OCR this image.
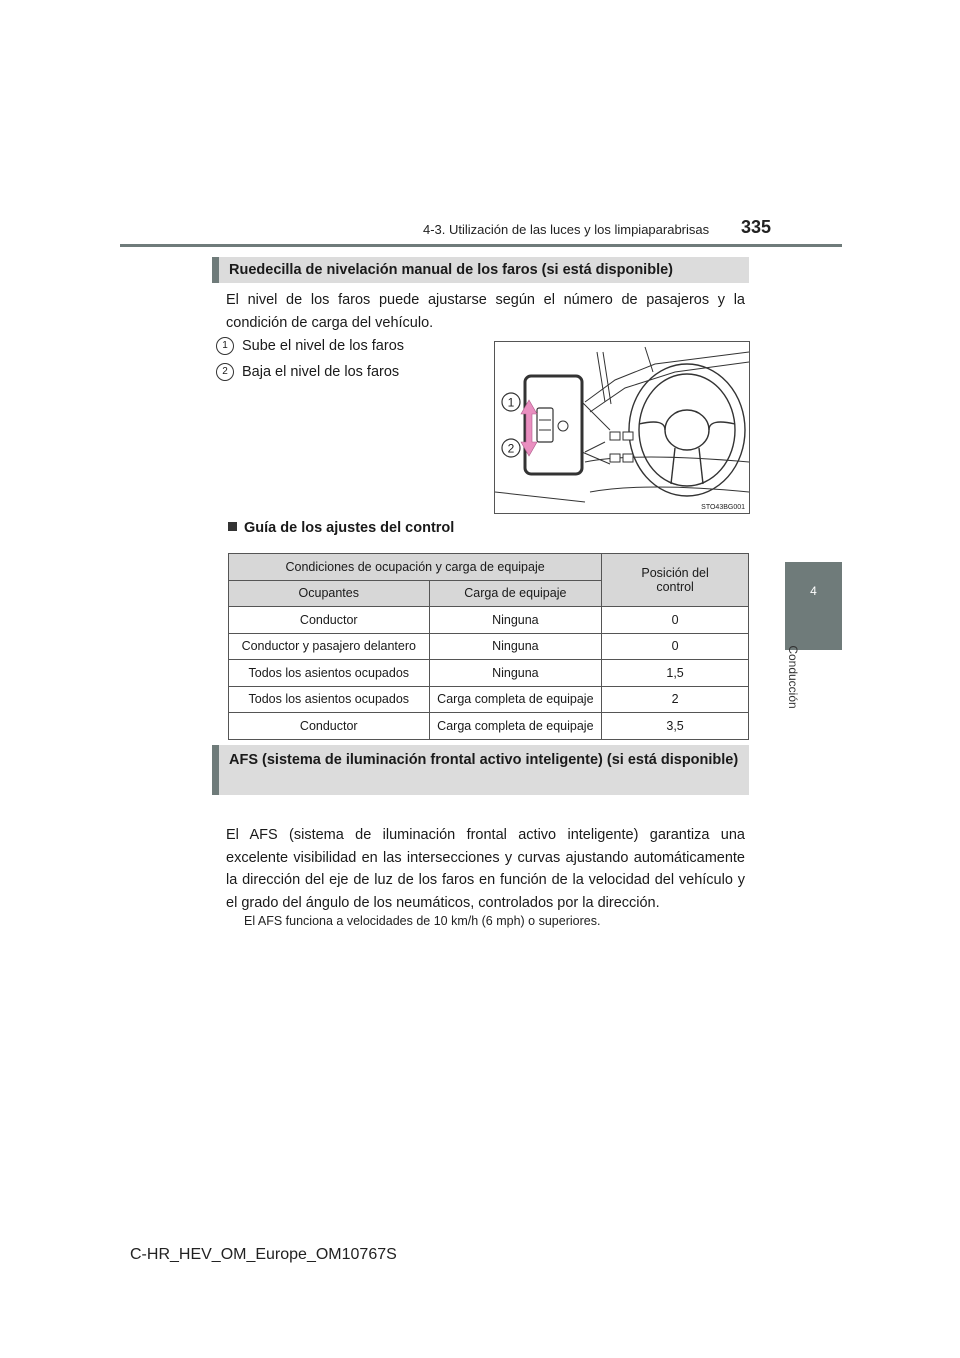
4-3. Utilización de las luces y los limpiaparabrisas 335
4
Conducción
Ruedecilla de nivelación manual de los faros (si está disponible)
El nivel de los faros puede ajustarse según el número de pasajeros y la condición de carga del vehículo.
1 Sube el nivel de los faros
2 Baja el nivel de los faros
1
2
STO43BG001
Guía de los ajustes del control
Condiciones de ocupación y carga de equipaje		Posición del control
Ocupantes	Carga de equipaje	
Conductor	Ninguna	0
Conductor y pasajero delantero	Ninguna	0
Todos los asientos ocupados	Ninguna	1,5
Todos los asientos ocupados	Carga completa de equipaje	2
Conductor	Carga completa de equipaje	3,5
AFS (sistema de iluminación frontal activo inteligente) (si está disponible)
El AFS (sistema de iluminación frontal activo inteligente) garantiza una excelente visibilidad en las intersecciones y curvas ajustando automáticamente la dirección del eje de luz de los faros en función de la velocidad del vehículo y el grado del ángulo de los neumáticos, controlados por la dirección.
El AFS funciona a velocidades de 10 km/h (6 mph) o superiores.
C-HR_HEV_OM_Europe_OM10767S
